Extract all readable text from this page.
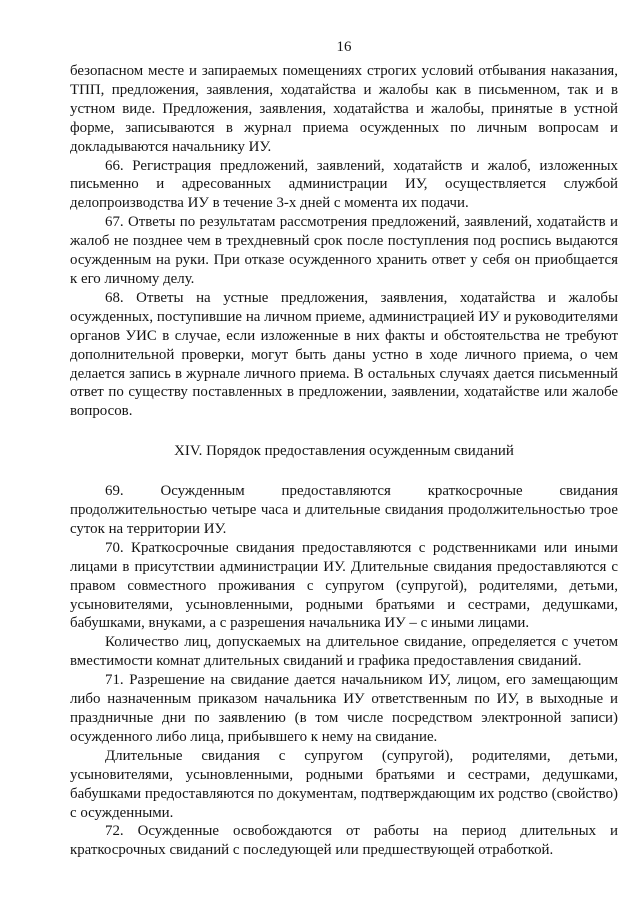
16

безопасном месте и запираемых помещениях строгих условий отбывания наказания, ТПП, предложения, заявления, ходатайства и жалобы как в письменном, так и в устном виде. Предложения, заявления, ходатайства и жалобы, принятые в устной форме, записываются в журнал приема осужденных по личным вопросам и докладываются начальнику ИУ.

66. Регистрация предложений, заявлений, ходатайств и жалоб, изложенных письменно и адресованных администрации ИУ, осуществляется службой делопроизводства ИУ в течение 3-х дней с момента их подачи.

67. Ответы по результатам рассмотрения предложений, заявлений, ходатайств и жалоб не позднее чем в трехдневный срок после поступления под роспись выдаются осужденным на руки. При отказе осужденного хранить ответ у себя он приобщается к его личному делу.

68. Ответы на устные предложения, заявления, ходатайства и жалобы осужденных, поступившие на личном приеме, администрацией ИУ и руководителями органов УИС в случае, если изложенные в них факты и обстоятельства не требуют дополнительной проверки, могут быть даны устно в ходе личного приема, о чем делается запись в журнале личного приема. В остальных случаях дается письменный ответ по существу поставленных в предложении, заявлении, ходатайстве или жалобе вопросов.

XIV. Порядок предоставления осужденным свиданий

69. Осужденным предоставляются краткосрочные свидания продолжительностью четыре часа и длительные свидания продолжительностью трое суток на территории ИУ.

70. Краткосрочные свидания предоставляются с родственниками или иными лицами в присутствии администрации ИУ. Длительные свидания предоставляются с правом совместного проживания с супругом (супругой), родителями, детьми, усыновителями, усыновленными, родными братьями и сестрами, дедушками, бабушками, внуками, а с разрешения начальника ИУ – с иными лицами.

Количество лиц, допускаемых на длительное свидание, определяется с учетом вместимости комнат длительных свиданий и графика предоставления свиданий.

71. Разрешение на свидание дается начальником ИУ, лицом, его замещающим либо назначенным приказом начальника ИУ ответственным по ИУ, в выходные и праздничные дни по заявлению (в том числе посредством электронной записи) осужденного либо лица, прибывшего к нему на свидание.

Длительные свидания с супругом (супругой), родителями, детьми, усыновителями, усыновленными, родными братьями и сестрами, дедушками, бабушками предоставляются по документам, подтверждающим их родство (свойство) с осужденными.

72. Осужденные освобождаются от работы на период длительных и краткосрочных свиданий с последующей или предшествующей отработкой.
